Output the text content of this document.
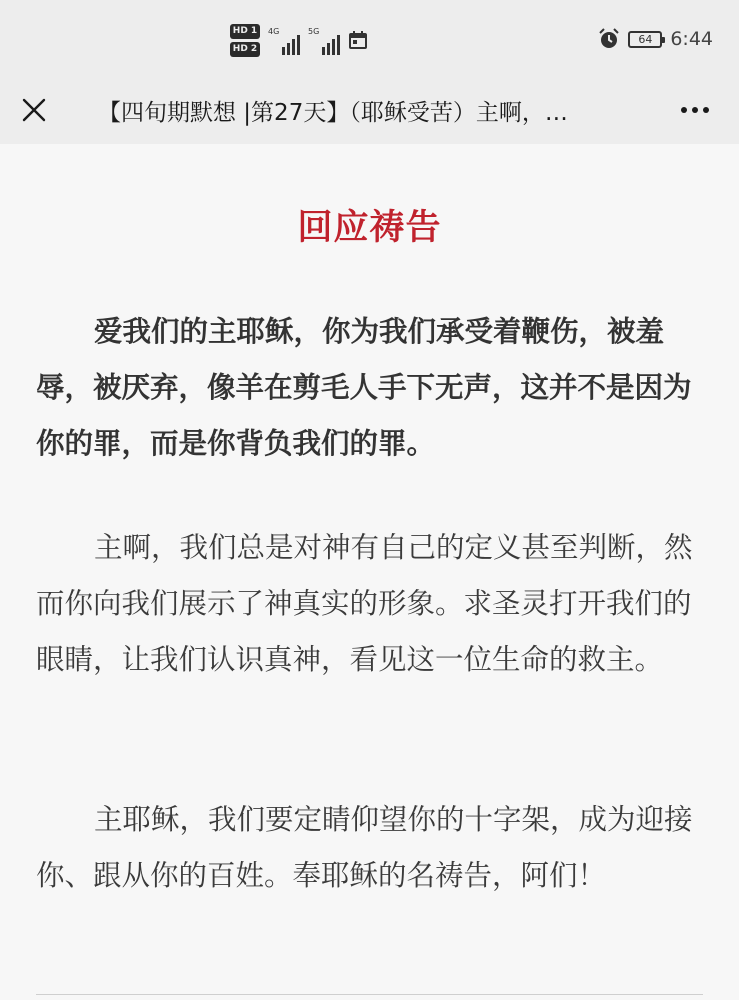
HD 1
HD 2
4G	5G
64 6:44
【四旬期默想 |第27天】（耶稣受苦）主啊，…
回应祷告

爱我们的主耶稣，你为我们承受着鞭伤，被羞辱，被厌弃，像羊在剪毛人手下无声，这并不是因为你的罪，而是你背负我们的罪。

主啊，我们总是对神有自己的定义甚至判断，然而你向我们展示了神真实的形象。求圣灵打开我们的眼睛，让我们认识真神，看见这一位生命的救主。

主耶稣，我们要定睛仰望你的十字架，成为迎接你、跟从你的百姓。奉耶稣的名祷告，阿们！
